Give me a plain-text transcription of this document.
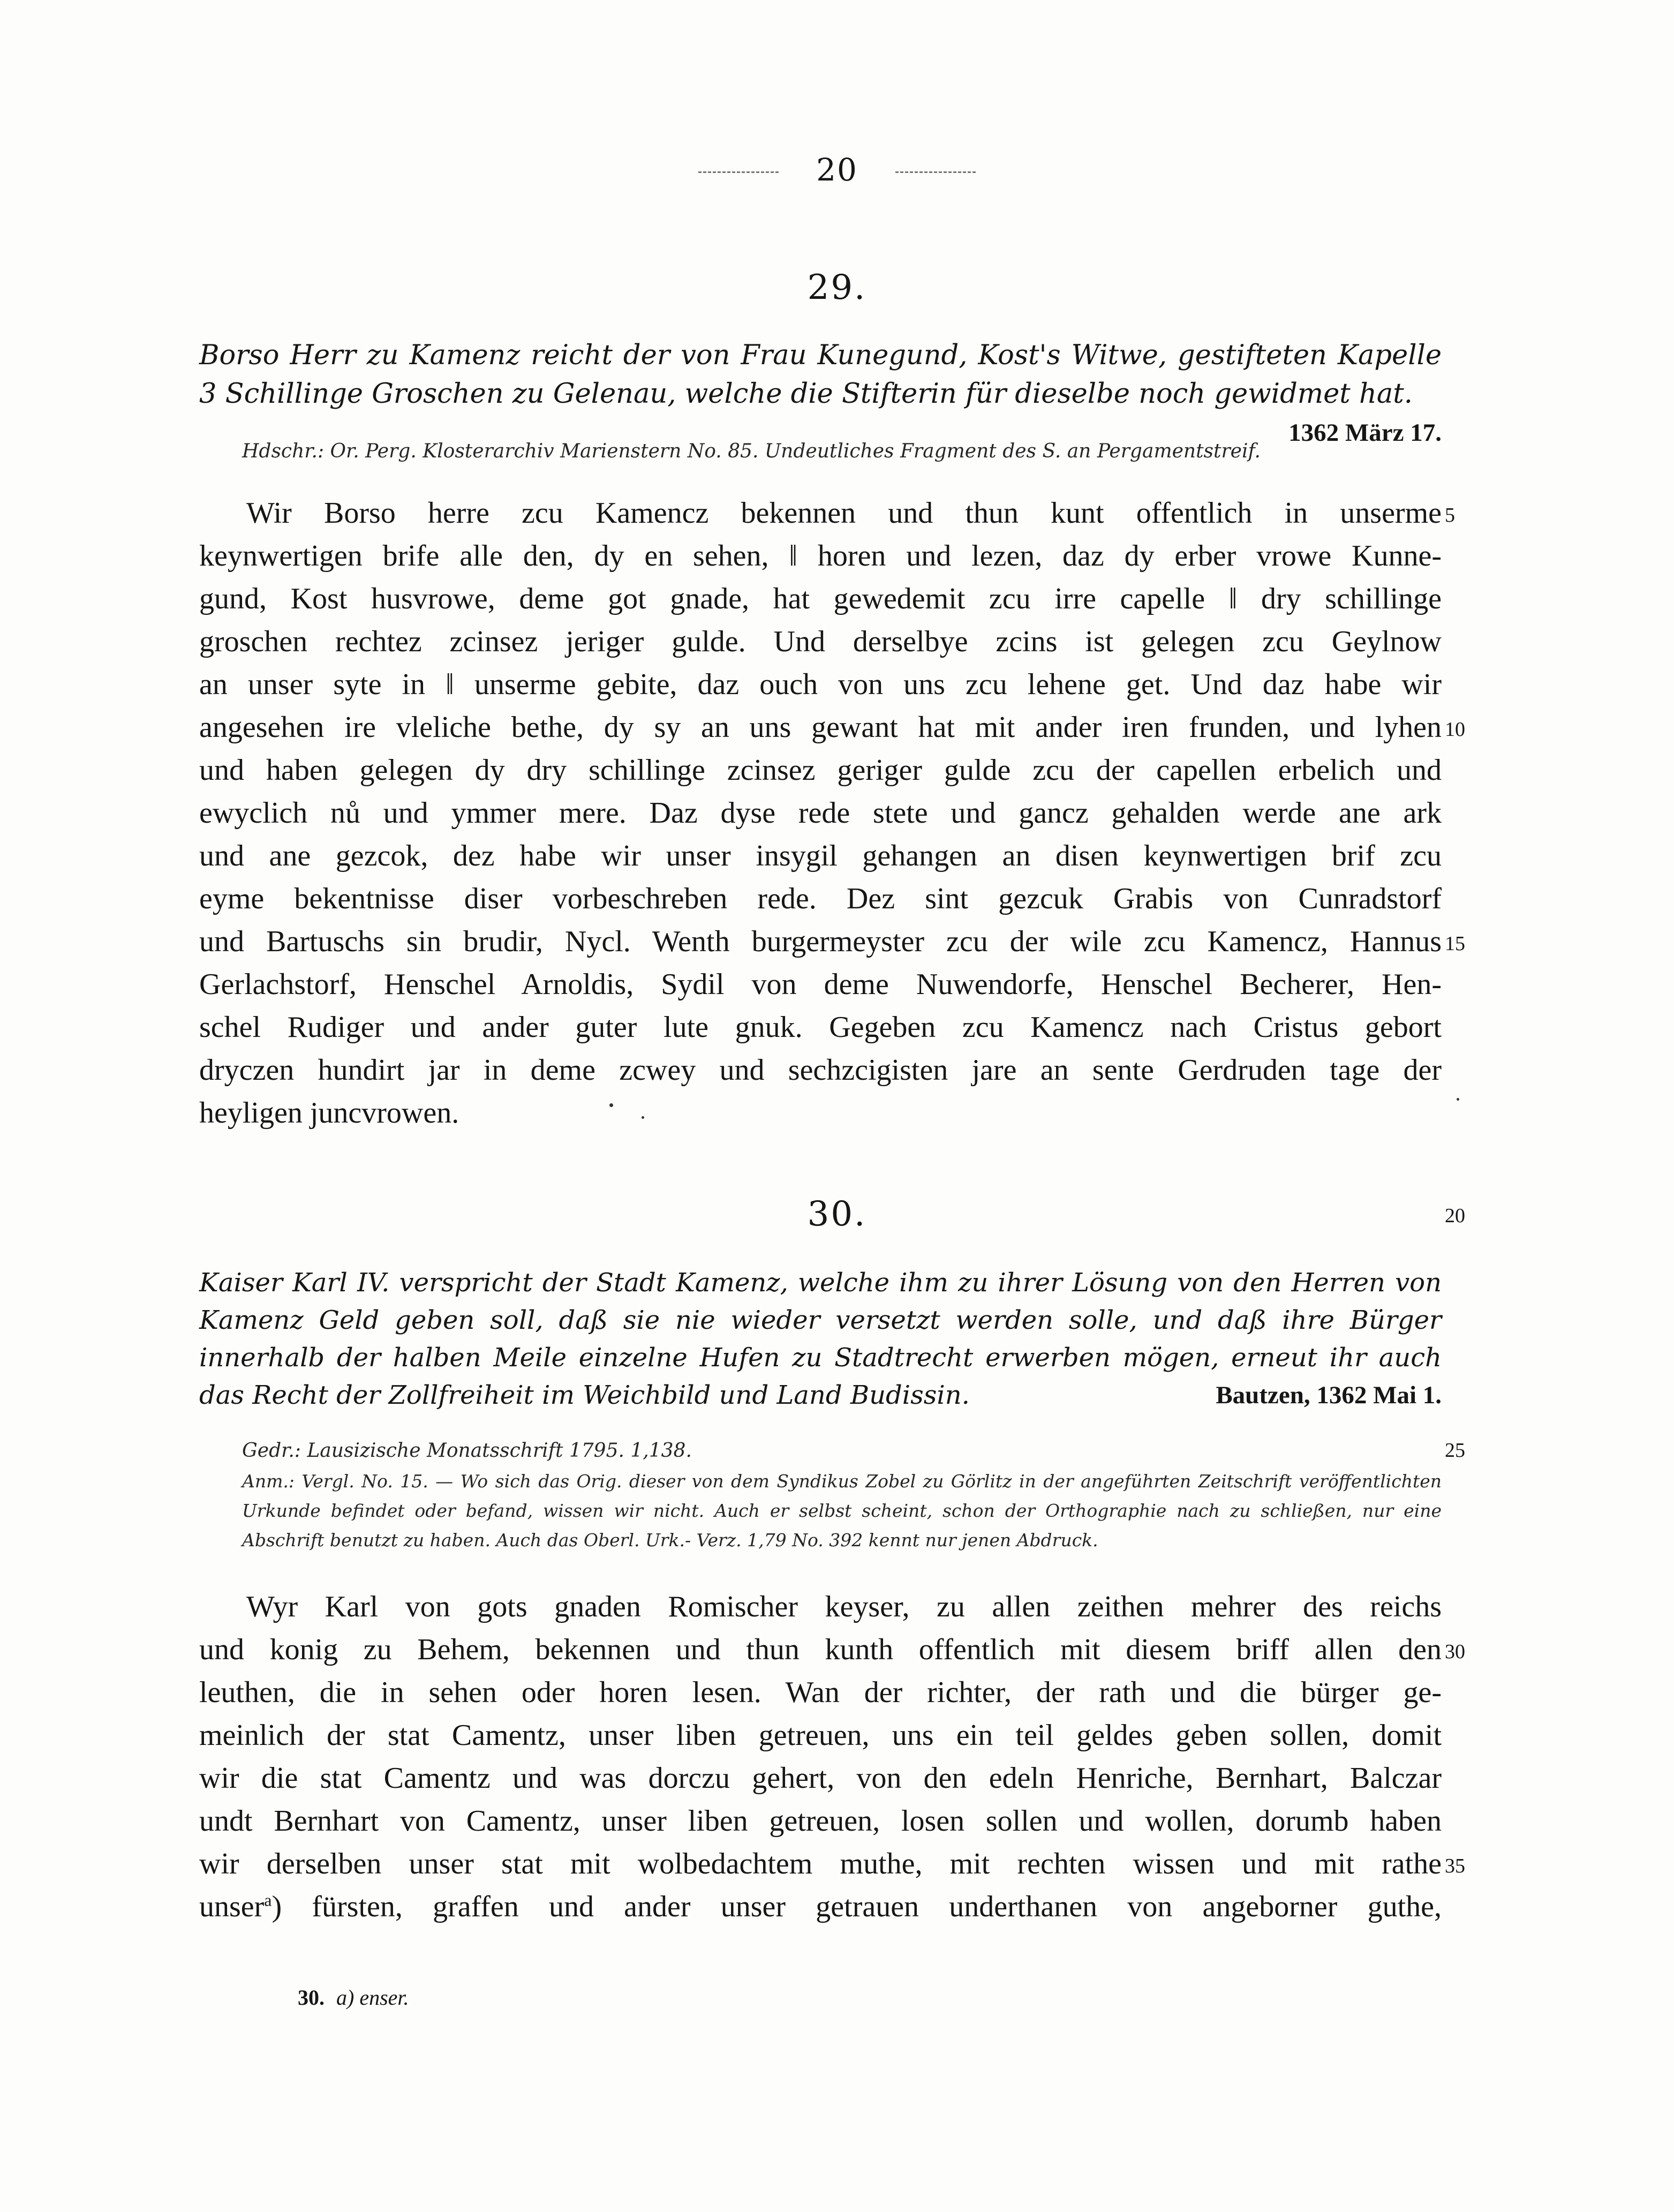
20
29.
Borso Herr zu Kamenz reicht der von Frau Kunegund, Kost's Witwe, gestifteten Kapelle 3 Schillinge Groschen zu Gelenau, welche die Stifterin für dieselbe noch gewidmet hat.
1362 März 17.
Hdschr.: Or. Perg. Klosterarchiv Marienstern No. 85. Undeutliches Fragment des S. an Pergamentstreif.
Wir Borso herre zcu Kamencz bekennen und thun kunt offentlich in unserme
keynwertigen brife alle den, dy en sehen, ‖ horen und lezen, daz dy erber vrowe Kunne-
gund, Kost husvrowe, deme got gnade, hat gewedemit zcu irre capelle ‖ dry schillinge
groschen rechtez zcinsez jeriger gulde. Und derselbye zcins ist gelegen zcu Geylnow
an unser syte in ‖ unserme gebite, daz ouch von uns zcu lehene get. Und daz habe wir
angesehen ire vleliche bethe, dy sy an uns gewant hat mit ander iren frunden, und lyhen
und haben gelegen dy dry schillinge zcinsez geriger gulde zcu der capellen erbelich und
ewyclich nů und ymmer mere. Daz dyse rede stete und gancz gehalden werde ane ark
und ane gezcok, dez habe wir unser insygil gehangen an disen keynwertigen brif zcu
eyme bekentnisse diser vorbeschreben rede. Dez sint gezcuk Grabis von Cunradstorf
und Bartuschs sin brudir, Nycl. Wenth burgermeyster zcu der wile zcu Kamencz, Hannus
Gerlachstorf, Henschel Arnoldis, Sydil von deme Nuwendorfe, Henschel Becherer, Hen-
schel Rudiger und ander guter lute gnuk. Gegeben zcu Kamencz nach Cristus gebort
dryczen hundirt jar in deme zcwey und sechzcigisten jare an sente Gerdruden tage der
heyligen juncvrowen.
30.
Kaiser Karl IV. verspricht der Stadt Kamenz, welche ihm zu ihrer Lösung von den Herren von Kamenz Geld geben soll, daß sie nie wieder versetzt werden solle, und daß ihre Bürger innerhalb der halben Meile einzelne Hufen zu Stadtrecht erwerben mögen, erneut ihr auch das Recht der Zollfreiheit im Weichbild und Land Budissin.	Bautzen, 1362 Mai 1.
Gedr.: Lausizische Monatsschrift 1795. 1,138.
Anm.: Vergl. No. 15. — Wo sich das Orig. dieser von dem Syndikus Zobel zu Görlitz in der angeführten Zeitschrift veröffentlichten Urkunde befindet oder befand, wissen wir nicht. Auch er selbst scheint, schon der Orthographie nach zu schließen, nur eine Abschrift benutzt zu haben. Auch das Oberl. Urk.- Verz. 1,79 No. 392 kennt nur jenen Abdruck.
Wyr Karl von gots gnaden Romischer keyser, zu allen zeithen mehrer des reichs
und konig zu Behem, bekennen und thun kunth offentlich mit diesem briff allen den
leuthen, die in sehen oder horen lesen. Wan der richter, der rath und die bürger ge-
meinlich der stat Camentz, unser liben getreuen, uns ein teil geldes geben sollen, domit
wir die stat Camentz und was dorczu gehert, von den edeln Henriche, Bernhart, Balczar
undt Bernhart von Camentz, unser liben getreuen, losen sollen und wollen, dorumb haben
wir derselben unser stat mit wolbedachtem muthe, mit rechten wissen und mit rathe
unser$^a$) fürsten, graffen und ander unser getrauen underthanen von angeborner guthe,
5
10
15
20
25
30
35
30. a) enser.
